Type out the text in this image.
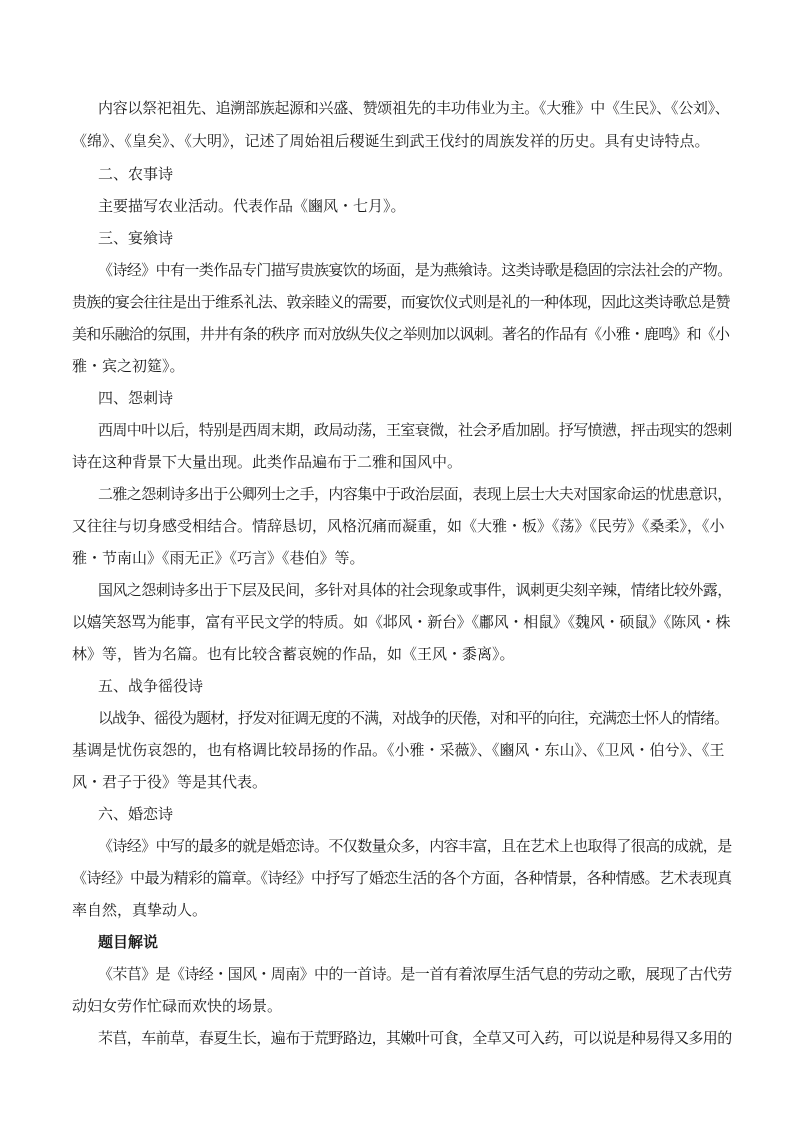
内容以祭祀祖先、追溯部族起源和兴盛、赞颂祖先的丰功伟业为主。《大雅》中《生民》、《公刘》、
《绵》、《皇矣》、《大明》，记述了周始祖后稷诞生到武王伐纣的周族发祥的历史。具有史诗特点。
二、农事诗
主要描写农业活动。代表作品《豳风・七月》。
三、宴飨诗
《诗经》中有一类作品专门描写贵族宴饮的场面，是为燕飨诗。这类诗歌是稳固的宗法社会的产物。
贵族的宴会往往是出于维系礼法、敦亲睦义的需要，而宴饮仪式则是礼的一种体现，因此这类诗歌总是赞
美和乐融洽的氛围，井井有条的秩序 而对放纵失仪之举则加以讽刺。著名的作品有《小雅・鹿鸣》和《小
雅・宾之初筵》。
四、怨刺诗
西周中叶以后，特别是西周末期，政局动荡，王室衰微，社会矛盾加剧。抒写愤懑，抨击现实的怨刺
诗在这种背景下大量出现。此类作品遍布于二雅和国风中。
二雅之怨刺诗多出于公卿列士之手，内容集中于政治层面，表现上层士大夫对国家命运的忧患意识，
又往往与切身感受相结合。情辞恳切，风格沉痛而凝重，如《大雅・板》《荡》《民劳》《桑柔》，《小
雅・节南山》《雨无正》《巧言》《巷伯》等。
国风之怨刺诗多出于下层及民间，多针对具体的社会现象或事件，讽刺更尖刻辛辣，情绪比较外露，
以嬉笑怒骂为能事，富有平民文学的特质。如《邶风・新台》《鄘风・相鼠》《魏风・硕鼠》《陈风・株
林》等，皆为名篇。也有比较含蓄哀婉的作品，如《王风・黍离》。
五、战争徭役诗
以战争、徭役为题材，抒发对征调无度的不满，对战争的厌倦，对和平的向往，充满恋土怀人的情绪。
基调是忧伤哀怨的，也有格调比较昂扬的作品。《小雅・采薇》、《豳风・东山》、《卫风・伯兮》、《王
风・君子于役》等是其代表。
六、婚恋诗
《诗经》中写的最多的就是婚恋诗。不仅数量众多，内容丰富，且在艺术上也取得了很高的成就，是
《诗经》中最为精彩的篇章。《诗经》中抒写了婚恋生活的各个方面，各种情景，各种情感。艺术表现真
率自然，真挚动人。
题目解说
《芣苢》是《诗经・国风・周南》中的一首诗。是一首有着浓厚生活气息的劳动之歌，展现了古代劳
动妇女劳作忙碌而欢快的场景。
芣苢，车前草，春夏生长，遍布于荒野路边，其嫩叶可食，全草又可入药，可以说是种易得又多用的
